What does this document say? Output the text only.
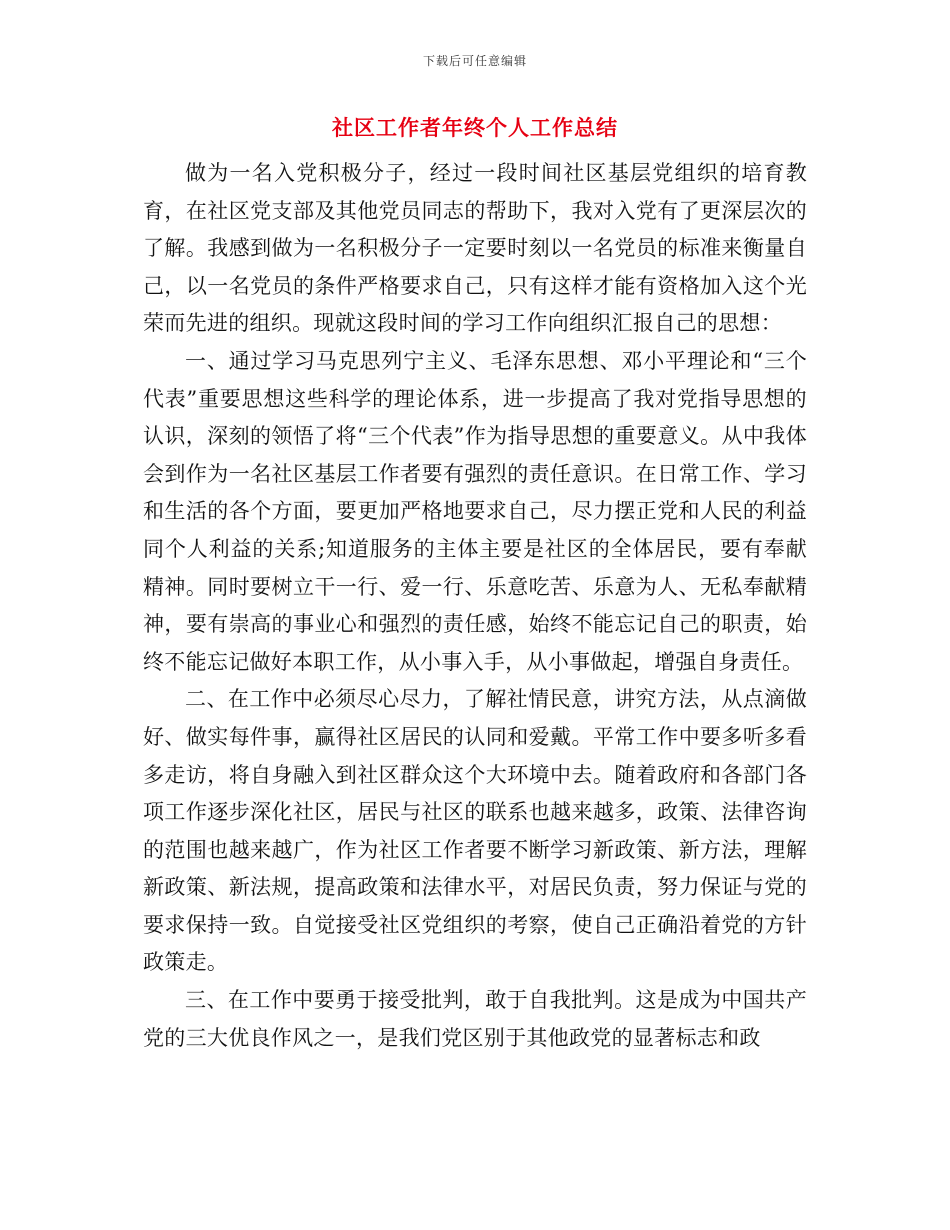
下载后可任意编辑
社区工作者年终个人工作总结

做为一名入党积极分子，经过一段时间社区基层党组织的培育教育，在社区党支部及其他党员同志的帮助下，我对入党有了更深层次的了解。我感到做为一名积极分子一定要时刻以一名党员的标准来衡量自己，以一名党员的条件严格要求自己，只有这样才能有资格加入这个光荣而先进的组织。现就这段时间的学习工作向组织汇报自己的思想：

一、通过学习马克思列宁主义、毛泽东思想、邓小平理论和“三个代表”重要思想这些科学的理论体系，进一步提高了我对党指导思想的认识，深刻的领悟了将“三个代表”作为指导思想的重要意义。从中我体会到作为一名社区基层工作者要有强烈的责任意识。在日常工作、学习和生活的各个方面，要更加严格地要求自己，尽力摆正党和人民的利益同个人利益的关系;知道服务的主体主要是社区的全体居民，要有奉献精神。同时要树立干一行、爱一行、乐意吃苦、乐意为人、无私奉献精神，要有崇高的事业心和强烈的责任感，始终不能忘记自己的职责，始终不能忘记做好本职工作，从小事入手，从小事做起，增强自身责任。

二、在工作中必须尽心尽力，了解社情民意，讲究方法，从点滴做好、做实每件事，赢得社区居民的认同和爱戴。平常工作中要多听多看多走访，将自身融入到社区群众这个大环境中去。随着政府和各部门各项工作逐步深化社区，居民与社区的联系也越来越多，政策、法律咨询的范围也越来越广，作为社区工作者要不断学习新政策、新方法，理解新政策、新法规，提高政策和法律水平，对居民负责，努力保证与党的要求保持一致。自觉接受社区党组织的考察，使自己正确沿着党的方针政策走。

三、在工作中要勇于接受批判，敢于自我批判。这是成为中国共产党的三大优良作风之一，是我们党区别于其他政党的显著标志和政
